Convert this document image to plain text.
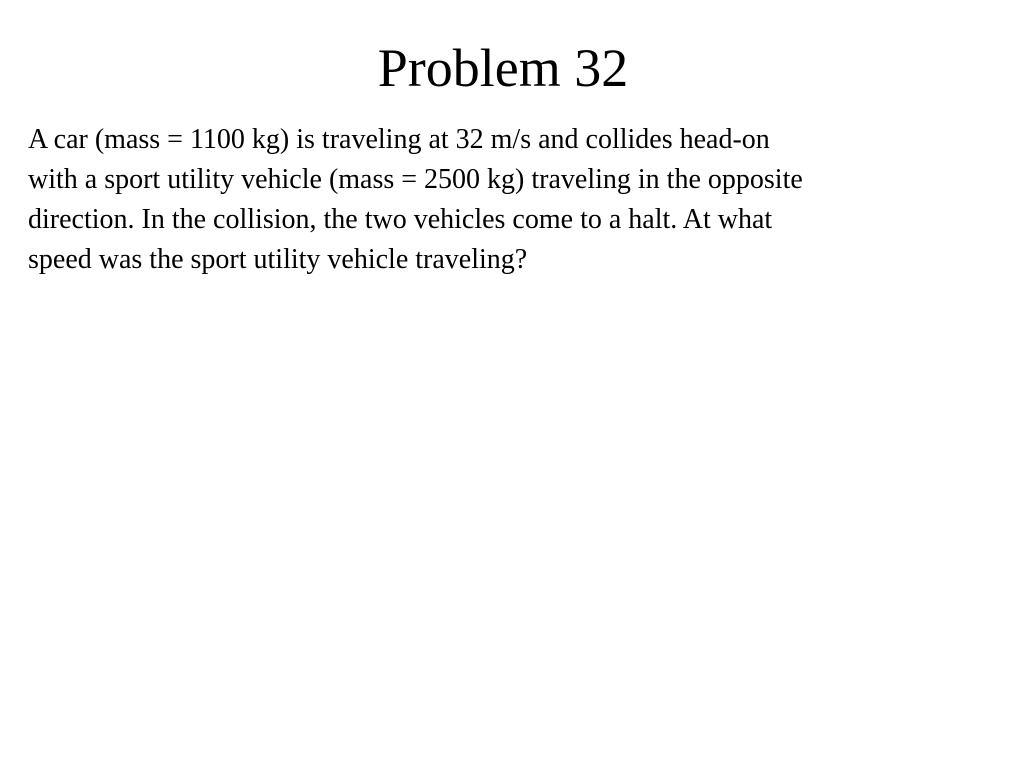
Problem 32

A car (mass = 1100 kg) is traveling at 32 m/s and collides head-on
with a sport utility vehicle (mass = 2500 kg) traveling in the opposite
direction. In the collision, the two vehicles come to a halt. At what
speed was the sport utility vehicle traveling?
